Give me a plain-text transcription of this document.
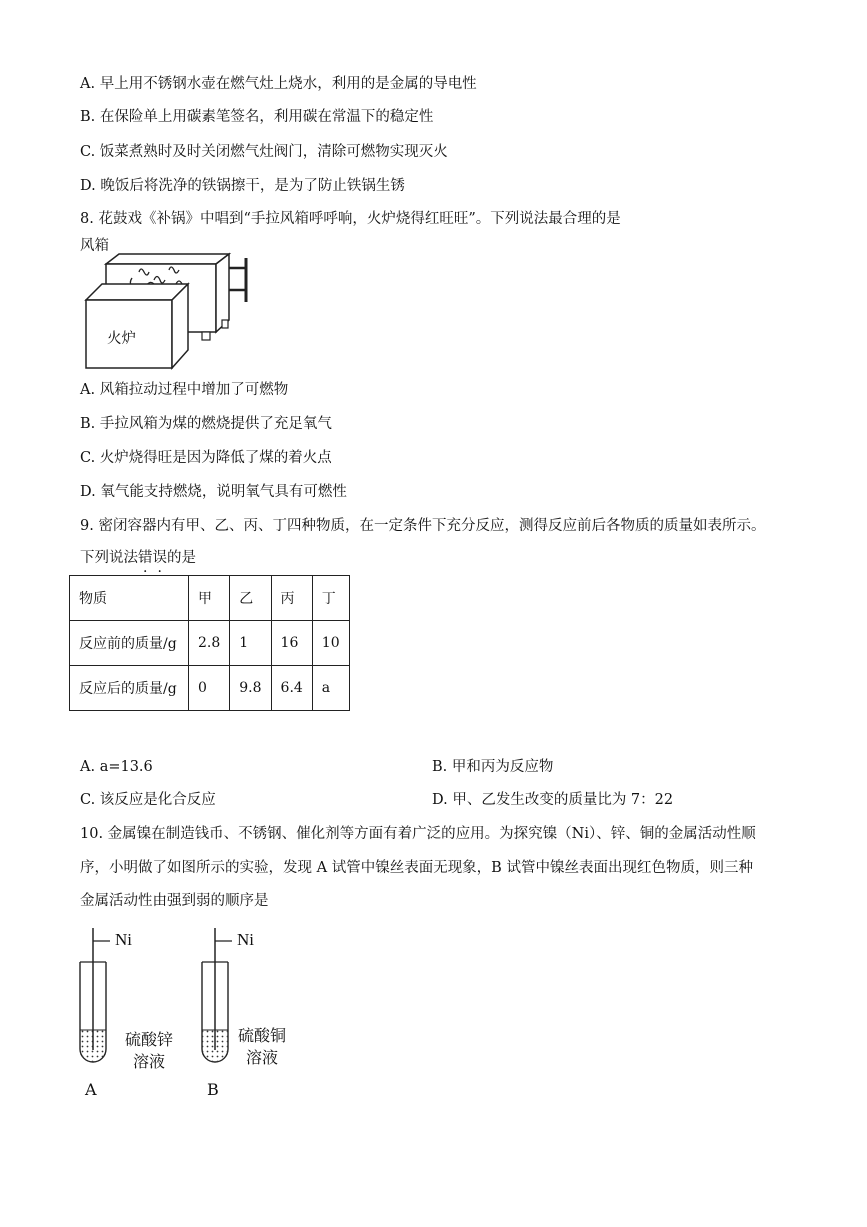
A. 早上用不锈钢水壶在燃气灶上烧水，利用的是金属的导电性
B. 在保险单上用碳素笔签名，利用碳在常温下的稳定性
C. 饭菜煮熟时及时关闭燃气灶阀门，清除可燃物实现灭火
D. 晚饭后将洗净的铁锅擦干，是为了防止铁锅生锈
8. 花鼓戏《补锅》中唱到“手拉风箱呼呼响，火炉烧得红旺旺”。下列说法最合理的是
风箱
火炉
A. 风箱拉动过程中增加了可燃物
B. 手拉风箱为煤的燃烧提供了充足氧气
C. 火炉烧得旺是因为降低了煤的着火点
D. 氧气能支持燃烧，说明氧气具有可燃性
9. 密闭容器内有甲、乙、丙、丁四种物质，在一定条件下充分反应，测得反应前后各物质的质量如表所示。
下列说法错误的是
物质	甲	乙	丙	丁
反应前的质量/g	2.8	1	16	10
反应后的质量/g	0	9.8	6.4	a
A. a=13.6	B. 甲和丙为反应物
C. 该反应是化合反应	D. 甲、乙发生改变的质量比为 7：22
10. 金属镍在制造钱币、不锈钢、催化剂等方面有着广泛的应用。为探究镍（Ni）、锌、铜的金属活动性顺
序，小明做了如图所示的实验，发现 A 试管中镍丝表面无现象，B 试管中镍丝表面出现红色物质，则三种
金属活动性由强到弱的顺序是
Ni
硫酸锌
溶液
A
Ni
硫酸铜
溶液
B
